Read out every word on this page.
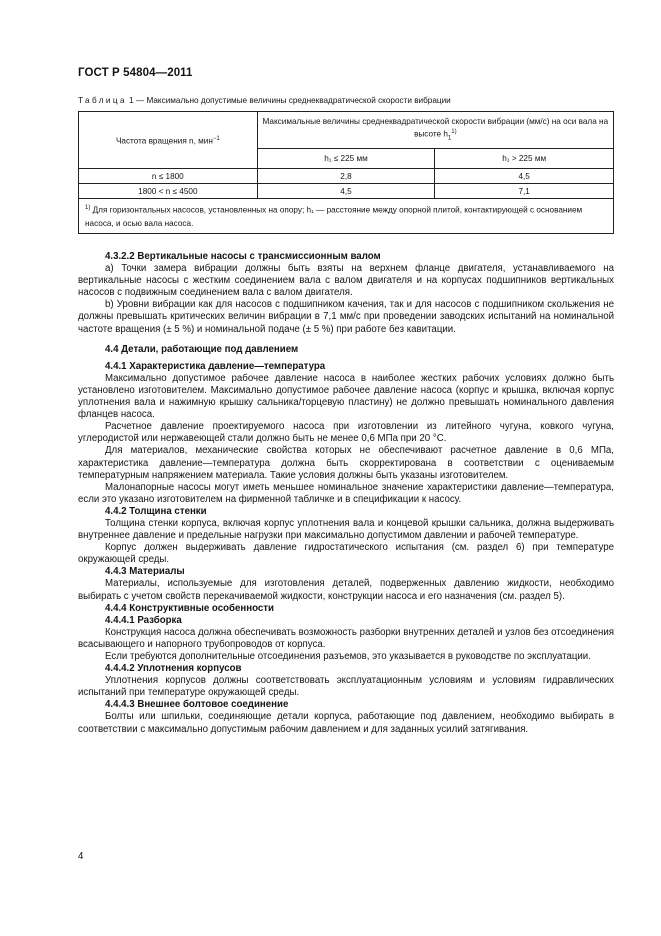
ГОСТ Р 54804—2011
Таблица 1 — Максимально допустимые величины среднеквадратической скорости вибрации
Частота вращения n, мин$^{-1}$	Максимальные величины среднеквадратической скорости вибрации (мм/с) на оси вала на высоте $h_1^{1)}$
	h₁ ≤ 225 мм	h₁ > 225 мм
n ≤ 1800	2,8	4,5
1800 < n ≤ 4500	4,5	7,1
$^{1)}$ Для горизонтальных насосов, установленных на опору; h₁ — расстояние между опорной плитой, контактирующей с основанием насоса, и осью вала насоса.		
4.3.2.2 Вертикальные насосы с трансмиссионным валом

a) Точки замера вибрации должны быть взяты на верхнем фланце двигателя, устанавливаемого на вертикальные насосы с жестким соединением вала с валом двигателя и на корпусах подшипников вертикальных насосов с подвижным соединением вала с валом двигателя.

b) Уровни вибрации как для насосов с подшипником качения, так и для насосов с подшипником скольжения не должны превышать критических величин вибрации в 7,1 мм/с при проведении заводских испытаний на номинальной частоте вращения (± 5 %) и номинальной подаче (± 5 %) при работе без кавитации.

4.4 Детали, работающие под давлением
4.4.1 Характеристика давление—температура

Максимально допустимое рабочее давление насоса в наиболее жестких рабочих условиях должно быть установлено изготовителем. Максимально допустимое рабочее давление насоса (корпус и крышка, включая корпус уплотнения вала и нажимную крышку сальника/торцевую пластину) не должно превышать номинального давления фланцев насоса.

Расчетное давление проектируемого насоса при изготовлении из литейного чугуна, ковкого чугуна, углеродистой или нержавеющей стали должно быть не менее 0,6 МПа при 20 °С.

Для материалов, механические свойства которых не обеспечивают расчетное давление в 0,6 МПа, характеристика давление—температура должна быть скорректирована в соответствии с оцениваемым температурным напряжением материала. Такие условия должны быть указаны изготовителем.

Малонапорные насосы могут иметь меньшее номинальное значение характеристики давление—температура, если это указано изготовителем на фирменной табличке и в спецификации к насосу.

4.4.2 Толщина стенки

Толщина стенки корпуса, включая корпус уплотнения вала и концевой крышки сальника, должна выдерживать внутреннее давление и предельные нагрузки при максимально допустимом давлении и рабочей температуре.

Корпус должен выдерживать давление гидростатического испытания (см. раздел 6) при температуре окружающей среды.

4.4.3 Материалы

Материалы, используемые для изготовления деталей, подверженных давлению жидкости, необходимо выбирать с учетом свойств перекачиваемой жидкости, конструкции насоса и его назначения (см. раздел 5).

4.4.4 Конструктивные особенности
4.4.4.1 Разборка

Конструкция насоса должна обеспечивать возможность разборки внутренних деталей и узлов без отсоединения всасывающего и напорного трубопроводов от корпуса.

Если требуются дополнительные отсоединения разъемов, это указывается в руководстве по эксплуатации.

4.4.4.2 Уплотнения корпусов

Уплотнения корпусов должны соответствовать эксплуатационным условиям и условиям гидравлических испытаний при температуре окружающей среды.

4.4.4.3 Внешнее болтовое соединение

Болты или шпильки, соединяющие детали корпуса, работающие под давлением, необходимо выбирать в соответствии с максимально допустимым рабочим давлением и для заданных усилий затягивания.

4
